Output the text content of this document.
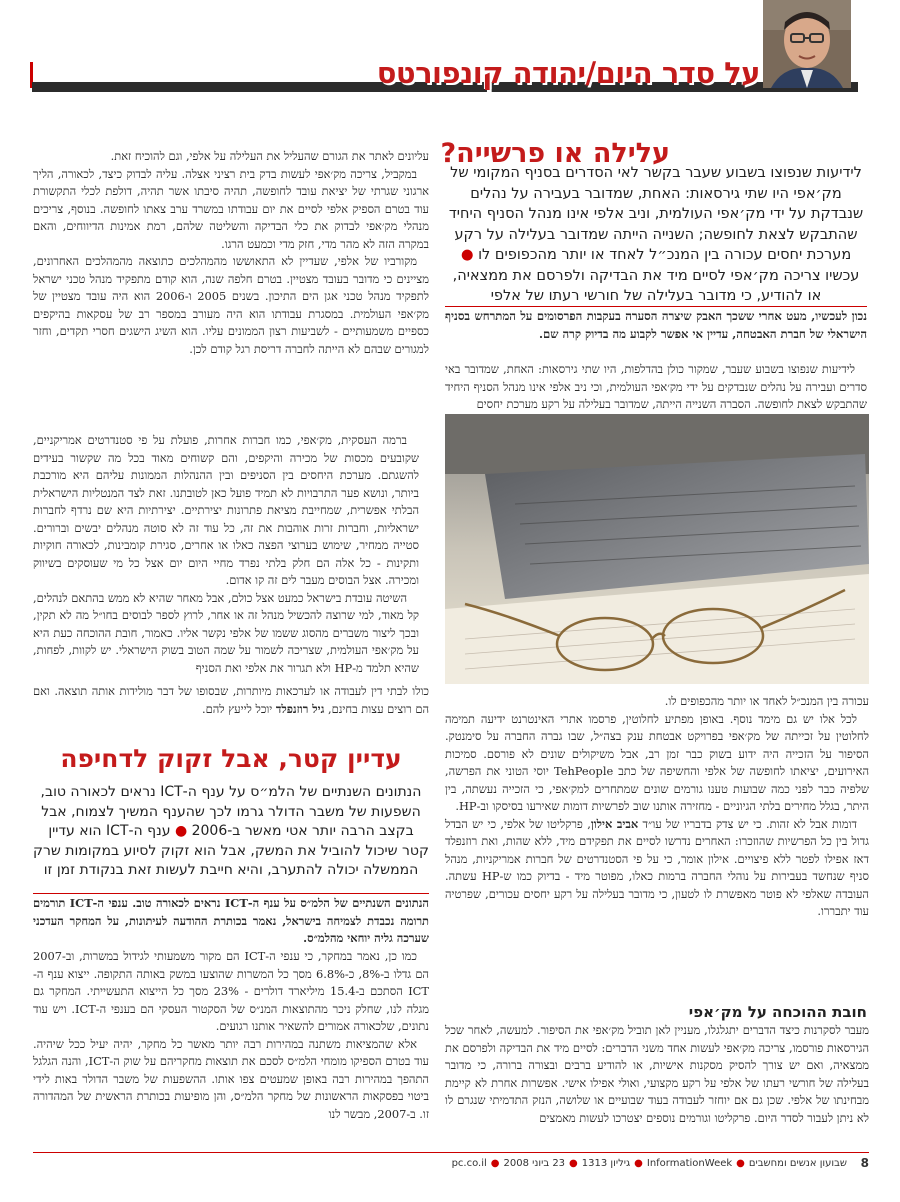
על סדר היום/יהודה קונפורטס
עלילה או פרשייה?
לידיעות שנפוצו בשבוע שעבר בקשר לאי הסדרים בסניף המקומי של מק׳אפי היו שתי גירסאות: האחת, שמדובר בעבירה על נהלים שנבדקת על ידי מק׳אפי העולמית, וניב אלפי אינו מנהל הסניף היחיד שהתבקש לצאת לחופשה; השנייה הייתה שמדובר בעלילה על רקע מערכת יחסים עכורה בין המנכ״ל לאחד או יותר מהכפופים לו ● עכשיו צריכה מק׳אפי לסיים מיד את הבדיקה ולפרסם את ממצאיה, או להודיע, כי מדובר בעלילה של חורשי רעתו של אלפי

נכון לעכשיו, מעט אחרי ששכך האבק שיצרה הסערה בעקבות הפרסומים על המתרחש בסניף הישראלי של חברת האבטחה, עדיין אי אפשר לקבוע מה בדיוק קרה שם.

לידיעות שנפוצו בשבוע שעבר, שמקור כולן בהדלפות, היו שתי גירסאות: האחת, שמדובר באי סדרים ועבירה על נהלים שנבדקים על ידי מק׳אפי העולמית, וכי ניב אלפי אינו מנהל הסניף היחיד שהתבקש לצאת לחופשה. הסברה השנייה הייתה, שמדובר בעלילה על רקע מערכת יחסים

עכורה בין המנכ״ל לאחד או יותר מהכפופים לו.

לכל אלו יש גם מימד נוסף. באופן מפתיע לחלוטין, פרסמו אתרי האינטרנט ידיעה תמימה לחלוטין על זכייתה של מק׳אפי בפרויקט אבטחת ענק בצה״ל, שבו גברה החברה על סימנטק. הסיפור על הזכייה היה ידוע בשוק כבר זמן רב, אבל משיקולים שונים לא פורסם. סמיכות האירועים, יציאתו לחופשה של אלפי והחשיפה של כתב TehPeople יוסי הטוני את הפרשה, שלפיה כבר לפני כמה שבועות טענו גורמים שונים שמתחרים למק׳אפי, כי הזכייה נעשתה, בין היתר, בגלל מחירים בלתי הגיוניים - מחזירה אותנו שוב לפרשיות דומות שאירעו בסיסקו וב-HP.

דומות אבל לא זהות. כי יש צדק בדבריו של עו״ד אביב אילון, פרקליטו של אלפי, כי יש הבדל גדול בין כל הפרשיות שהוזכרו: האחרים נדרשו לסיים את תפקידם מיד, ללא שהות, ואת רוזנפלד דאז אפילו לפטר ללא פיצויים. אילון אומר, כי על פי הסטנדרטים של חברות אמריקניות, מנהל סניף שנחשד בעבירות על נוהלי החברה ברמות כאלו, מפוטר מיד - בדיוק כמו ש-HP עשתה. העובדה שאלפי לא פוטר מאפשרת לו לטעון, כי מדובר בעלילה על רקע יחסים עכורים, שפרטיה עוד יתבררו.

חובת ההוכחה על מק׳אפי

מעבר לסקרנות כיצד הדברים יתגלגלו, מעניין לאן תוביל מק׳אפי את הסיפור. למעשה, לאחר שכל הגירסאות פורסמו, צריכה מק׳אפי לעשות אחד משני הדברים: לסיים מיד את הבדיקה ולפרסם את ממצאיה, ואם יש צורך להסיק מסקנות אישיות, או להודיע ברבים ובצורה ברורה, כי מדובר בעלילה של חורשי רעתו של אלפי על רקע מקצועי, ואולי אפילו אישי. אפשרות אחרת לא קיימת מבחינתו של אלפי. שכן גם אם יוחזר לעבודה בעוד שבועיים או שלושה, הנזק התדמיתי שנגרם לו לא ניתן לעבור לסדר היום. פרקליטו וגורמים נוספים יצטרכו לעשות מאמצים

עליונים לאתר את הגורם שהעליל את העלילה על אלפי, וגם להוכיח זאת.

במקביל, צריכה מק׳אפי לעשות בדק בית רציני אצלה. עליה לבדוק כיצד, לכאורה, הליך ארגוני שגרתי של יציאת עובד לחופשה, תהיה סיבתו אשר תהיה, דולפת לכלי התקשורת עוד בטרם הספיק אלפי לסיים את יום עבודתו במשרד ערב צאתו לחופשה. בנוסף, צריכים מנהלי מק׳אפי לבדוק את כלי הבדיקה והשליטה שלהם, רמת אמינות הדיווחים, והאם במקרה הזה לא מהר מדי, חזק מדי וכמעט הרגו.

מקורביו של אלפי, שעדיין לא התאוששו מהמהלכים כתוצאה מהמהלכים האחרונים, מציינים כי מדובר בעובד מצטיין. בטרם חלפה שנה, הוא קודם מתפקיד מנהל טכני ישראל לתפקיד מנהל טכני אגן הים התיכון. בשנים 2005 ו-2006 הוא היה עובד מצטיין של מק׳אפי העולמית. במסגרת עבודתו הוא היה מעורב במספר רב של עסקאות בהיקפים כספיים משמעותיים - לשביעות רצון הממונים עליו. הוא השיג הישגים חסרי תקדים, וחזר למגורים שבהם לא הייתה לחברה דריסת רגל קודם לכן.

ברמה העסקית, מק׳אפי, כמו חברות אחרות, פועלת על פי סטנדרטים אמריקניים, שקובעים מכסות של מכירה והיקפים, והם קשוחים מאוד בכל מה שקשור בעידים להשגתם. מערכת היחסים בין הסניפים ובין ההנהלות הממונות עליהם היא מורכבת ביותר, ונושא פער התרבויות לא תמיד פועל כאן לטובתנו. זאת לצד המנטליות הישראלית הבלתי אפשרית, שמחייבת מציאת פתרונות יצירתיים. יצירתיות היא שם נרדף לחברות ישראליות, וחברות זרות אוהבות את זה, כל עוד זה לא סוטה מנהלים יבשים וברורים. סטייה ממחיר, שימוש בערוצי הפצה כאלו או אחרים, סגירת קומבינות, לכאורה חוקיות ותקינות - כל אלה הם חלק בלתי נפרד מחיי היום יום אצל כל מי שעוסקים בשיווק ומכירה. אצל הבוסים מעבר לים זה קו אדום.

השיטה עובדת בישראל כמעט אצל כולם, אבל מאחר שהיא לא ממש בהתאם לנהלים, קל מאוד, למי שרוצה להכשיל מנהל זה או אחר, לרוץ לספר לבוסים בחו״ל מה לא תקין, ובכך ליצור משברים מהסוג ששמו של אלפי נקשר אליו. כאמור, חובת ההוכחה כעת היא על מק׳אפי העולמית, שצריכה לשמור על שמה הטוב בשוק הישראלי. יש לקוות, לפחות, שהיא תלמד מ-HP ולא תגרור את אלפי ואת הסניף

כולו לבתי דין לעבודה או לערכאות מיותרות, שבסופו של דבר מולידות אותה תוצאה. ואם הם רוצים עצות בחינם, גיל רוזנפלד יוכל לייעץ להם.

עדיין קטר, אבל זקוק לדחיפה
הנתונים השנתיים של הלמ״ס על ענף ה-ICT נראים לכאורה טוב, השפעות של משבר הדולר גרמו לכך שהענף המשיך לצמוח, אבל בקצב הרבה יותר אטי מאשר ב-2006 ● ענף ה-ICT הוא עדיין קטר שיכול להוביל את המשק, אבל הוא זקוק לסיוע במקומות שרק הממשלה יכולה להתערב, והיא חייבת לעשות זאת בנקודת זמן זו

הנתונים השנתיים של הלמ״ס על ענף ה-ICT נראים לכאורה טוב. ענפי ה-ICT תורמים תרומה נכבדת לצמיחה בישראל, נאמר בכותרת ההודעה לעיתונות, על המחקר העדכני שערכה גליה יוחאי מהלמ״ס.

כמו כן, נאמר במחקר, כי ענפי ה-ICT הם מקור משמעותי לגידול במשרות, וב-2007 הם גדלו ב-8%, כ-6.8% מסך כל המשרות שהוצעו במשק באותה התקופה. ייצוא ענף ה-ICT הסתכם ב-15.4 מיליארד דולרים - 23% מסך כל הייצוא התעשייתי. המחקר גם מגלה לנו, שחלק ניכר מהתוצאות המנ״ס של הסקטור העסקי הם בענפי ה-ICT. ויש עוד נתונים, שלכאורה אמורים להשאיר אותנו רגועים.

אלא שהמציאות משתנה במהירות רבה יותר מאשר כל מחקר, יהיה יעיל ככל שיהיה. עוד בטרם הספיקו מומחי הלמ״ס לסכם את תוצאות מחקריהם על שוק ה-ICT, והנה הגלגל התהפך במהירות רבה באופן שמעטים צפו אותו. ההשפעות של משבר הדולר באות לידי ביטוי בפסקאות הראשונות של מחקר הלמ״ס, והן מופיעות בכותרת הראשית של המהדורה זו. ב-2007, מבשר לנו

8
שבועון אנשים ומחשבים●InformationWeek●גיליון 1313●23 ביוני 2008●pc.co.il
